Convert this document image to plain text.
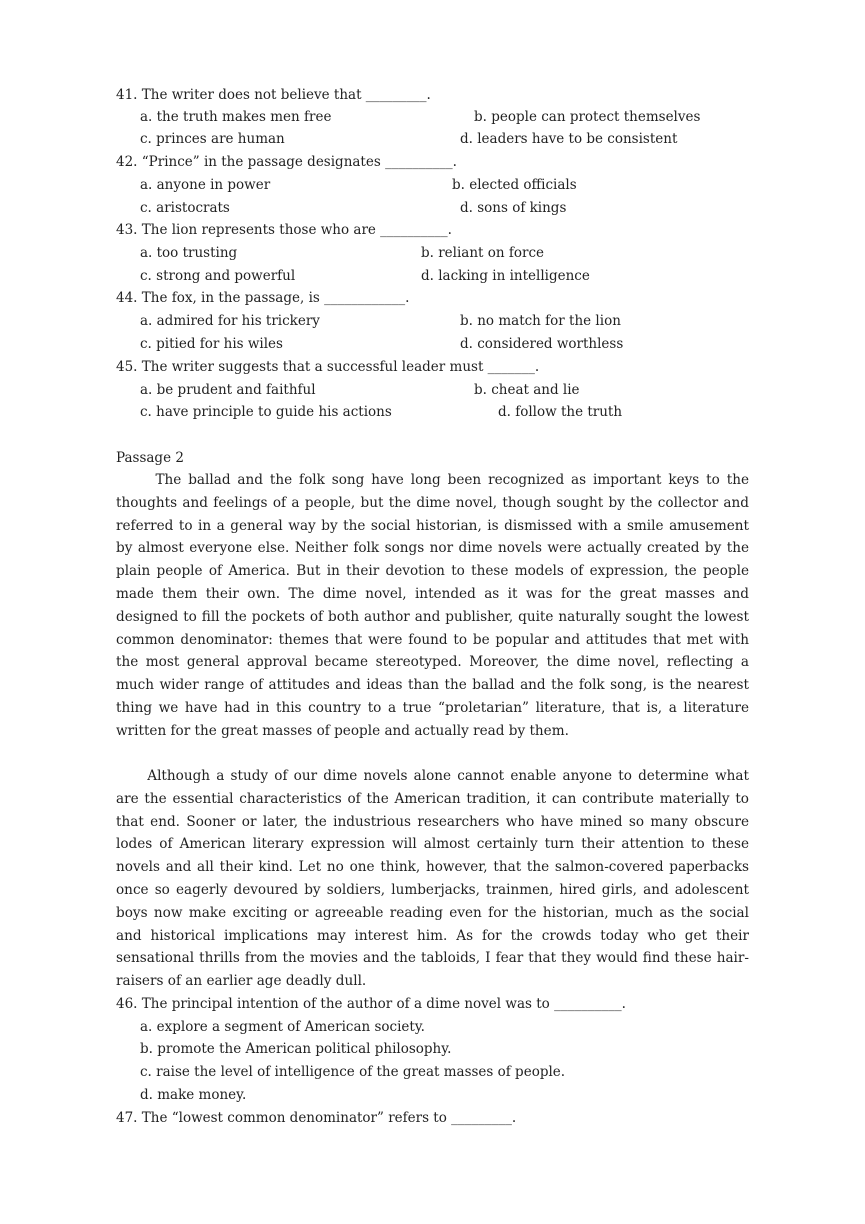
41. The writer does not believe that _________.
a. the truth makes men free	b. people can protect themselves
c. princes are human	d. leaders have to be consistent
42. “Prince” in the passage designates __________.
a. anyone in power	b. elected officials
c. aristocrats	d. sons of kings
43. The lion represents those who are __________.
a. too trusting	b. reliant on force
c. strong and powerful	d. lacking in intelligence
44. The fox, in the passage, is ____________.
a. admired for his trickery	b. no match for the lion
c. pitied for his wiles	d. considered worthless
45. The writer suggests that a successful leader must _______.
a. be prudent and faithful	b. cheat and lie
c. have principle to guide his actions	d. follow the truth
Passage 2
The ballad and the folk song have long been recognized as important keys to the thoughts and feelings of a people, but the dime novel, though sought by the collector and referred to in a general way by the social historian, is dismissed with a smile amusement by almost everyone else. Neither folk songs nor dime novels were actually created by the plain people of America. But in their devotion to these models of expression, the people made them their own. The dime novel, intended as it was for the great masses and designed to fill the pockets of both author and publisher, quite naturally sought the lowest common denominator: themes that were found to be popular and attitudes that met with the most general approval became stereotyped. Moreover, the dime novel, reflecting a much wider range of attitudes and ideas than the ballad and the folk song, is the nearest thing we have had in this country to a true “proletarian” literature, that is, a literature written for the great masses of people and actually read by them.
Although a study of our dime novels alone cannot enable anyone to determine what are the essential characteristics of the American tradition, it can contribute materially to that end. Sooner or later, the industrious researchers who have mined so many obscure lodes of American literary expression will almost certainly turn their attention to these novels and all their kind. Let no one think, however, that the salmon-covered paperbacks once so eagerly devoured by soldiers, lumberjacks, trainmen, hired girls, and adolescent boys now make exciting or agreeable reading even for the historian, much as the social and historical implications may interest him. As for the crowds today who get their sensational thrills from the movies and the tabloids, I fear that they would find these hair-raisers of an earlier age deadly dull.
46. The principal intention of the author of a dime novel was to __________.
a. explore a segment of American society.
b. promote the American political philosophy.
c. raise the level of intelligence of the great masses of people.
d. make money.
47. The “lowest common denominator” refers to _________.
